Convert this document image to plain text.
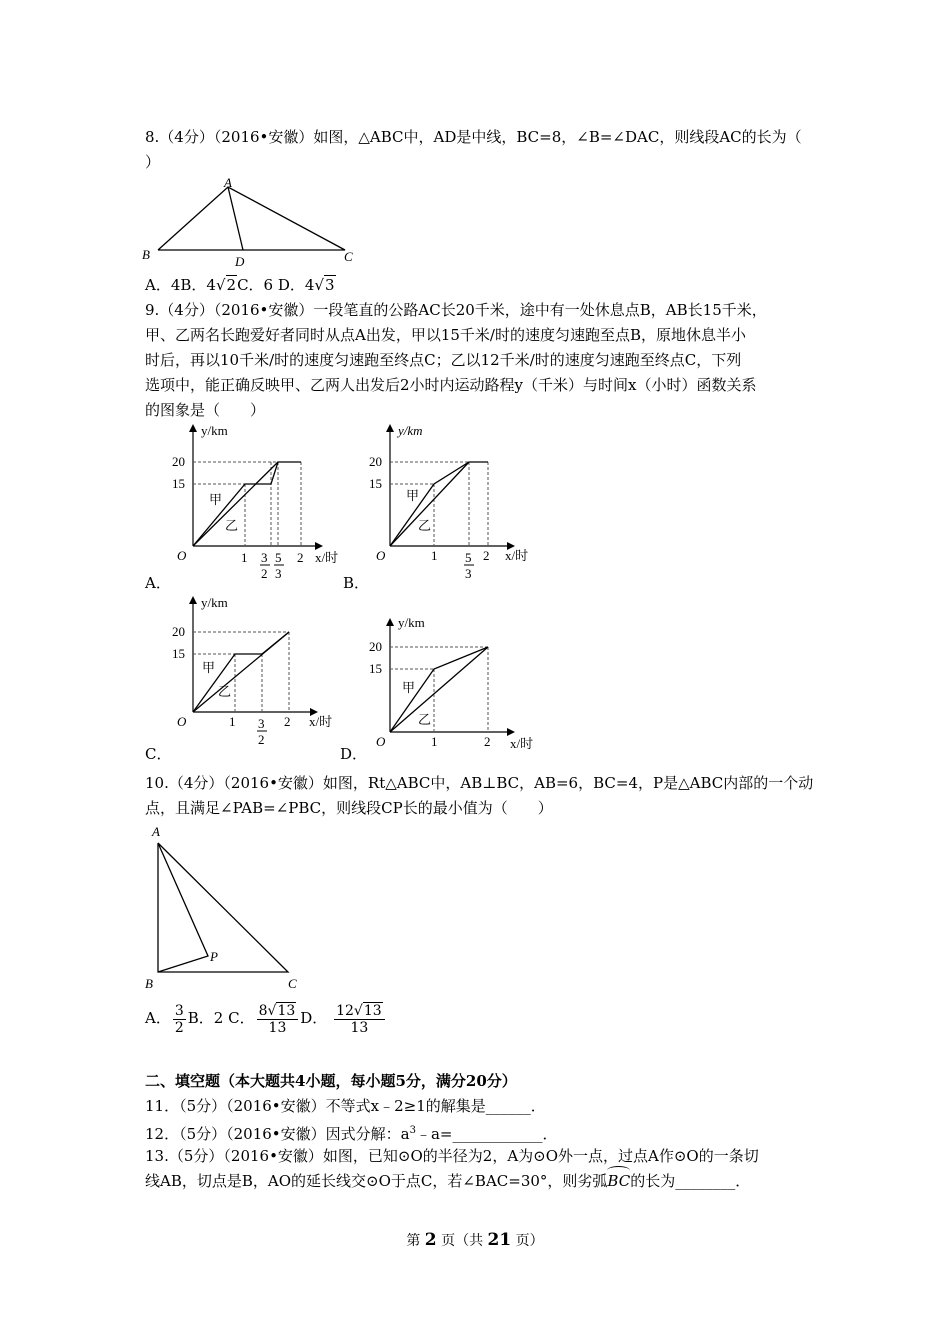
8.（4分）（2016•安徽）如图，△ABC中，AD是中线，BC=8，∠B=∠DAC，则线段AC的长为（
）
A
B	C
D
A．4B．4√2C．6 D．4√3
9.（4分）（2016•安徽）一段笔直的公路AC长20千米，途中有一处休息点B，AB长15千米，
甲、乙两名长跑爱好者同时从点A出发，甲以15千米/时的速度匀速跑至点B，原地休息半小
时后，再以10千米/时的速度匀速跑至终点C；乙以12千米/时的速度匀速跑至终点C，下列
选项中，能正确反映甲、乙两人出发后2小时内运动路程y（千米）与时间x（小时）函数关系
的图象是（　　）
y/km
20
15
甲
乙
O	1 3
2
5
3
2 x/时
A．
y/km
20
15
甲
乙
O	1 5
3
2 x/时
B．
y/km
20
15
甲
乙
O	1 3
2
2 x/时
C．
y/km
20
15
甲
乙
O	1	2 x/时
D．
10.（4分）（2016•安徽）如图，Rt△ABC中，AB⊥BC，AB=6，BC=4，P是△ABC内部的一个动
点，且满足∠PAB=∠PBC，则线段CP长的最小值为（　　）
A
B	C
P
A． $\frac{3}{2}$ B．2 C． $\frac{8√13}{13}$ D． $\frac{12√13}{13}$
二、填空题（本大题共4小题，每小题5分，满分20分）
11．（5分）（2016•安徽）不等式x﹣2≥1的解集是______．
12．（5分）（2016•安徽）因式分解：$a^3﹣a=\_\_\_\_\_\_\_\_\_\_\_\_$．
13.（5分）（2016•安徽）如图，已知⊙O的半径为2，A为⊙O外一点，过点A作⊙O的一条切
线AB，切点是B，AO的延长线交⊙O于点C，若∠BAC=30°，则劣弧BC的长为________．
第 2 页（共 21 页）
